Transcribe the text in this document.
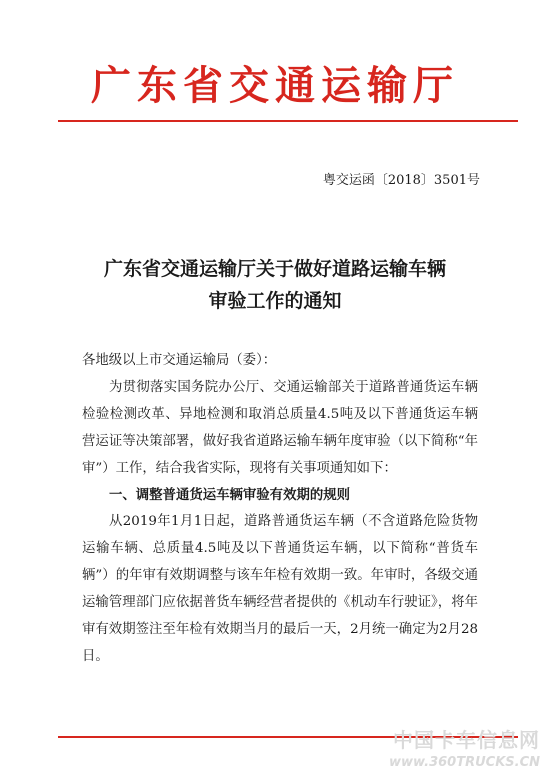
广东省交通运输厅
粤交运函〔2018〕3501号
广东省交通运输厅关于做好道路运输车辆
审验工作的通知

各地级以上市交通运输局（委）：

为贯彻落实国务院办公厅、交通运输部关于道路普通货运车辆检验检测改革、异地检测和取消总质量4.5吨及以下普通货运车辆营运证等决策部署，做好我省道路运输车辆年度审验（以下简称“年审”）工作，结合我省实际，现将有关事项通知如下：

一、调整普通货运车辆审验有效期的规则

从2019年1月1日起，道路普通货运车辆（不含道路危险货物运输车辆、总质量4.5吨及以下普通货运车辆，以下简称“普货车辆”）的年审有效期调整与该车年检有效期一致。年审时，各级交通运输管理部门应依据普货车辆经营者提供的《机动车行驶证》，将年审有效期签注至年检有效期当月的最后一天，2月统一确定为2月28日。

中国卡车信息网
www.360TRUCKS.CN
